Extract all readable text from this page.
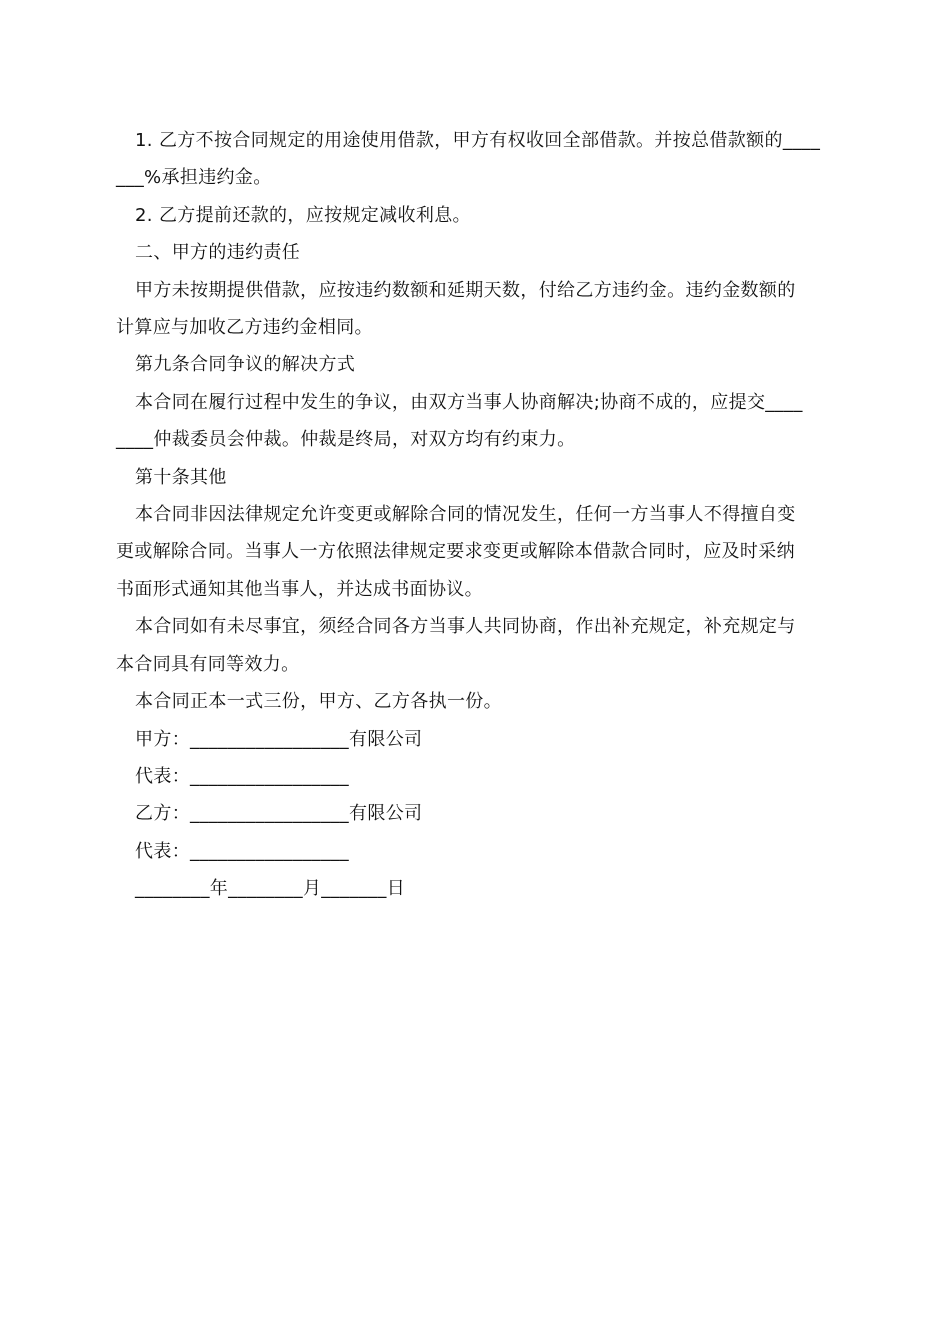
1. 乙方不按合同规定的用途使用借款，甲方有权收回全部借款。并按总借款额的____
___%承担违约金。
2. 乙方提前还款的，应按规定减收利息。
二、甲方的违约责任
甲方未按期提供借款，应按违约数额和延期天数，付给乙方违约金。违约金数额的
计算应与加收乙方违约金相同。
第九条合同争议的解决方式
本合同在履行过程中发生的争议，由双方当事人协商解决;协商不成的，应提交____
____仲裁委员会仲裁。仲裁是终局，对双方均有约束力。
第十条其他
本合同非因法律规定允许变更或解除合同的情况发生，任何一方当事人不得擅自变
更或解除合同。当事人一方依照法律规定要求变更或解除本借款合同时，应及时采纳
书面形式通知其他当事人，并达成书面协议。
本合同如有未尽事宜，须经合同各方当事人共同协商，作出补充规定，补充规定与
本合同具有同等效力。
本合同正本一式三份，甲方、乙方各执一份。
甲方：_________________有限公司
代表：_________________
乙方：_________________有限公司
代表：_________________
________年________月_______日
